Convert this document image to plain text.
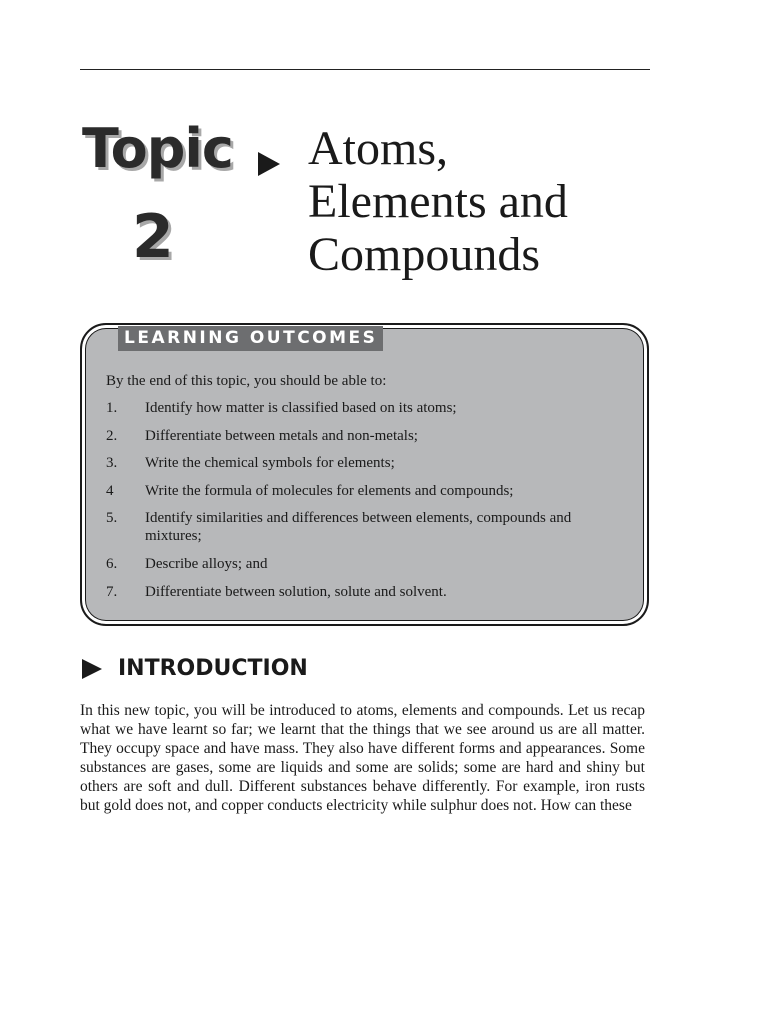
Topic
2
Atoms,
Elements and
Compounds
LEARNING OUTCOMES
By the end of this topic, you should be able to:
1. Identify how matter is classified based on its atoms;
2. Differentiate between metals and non-metals;
3. Write the chemical symbols for elements;
4 Write the formula of molecules for elements and compounds;
5. Identify similarities and differences between elements, compounds and mixtures;
6. Describe alloys; and
7. Differentiate between solution, solute and solvent.
INTRODUCTION

In this new topic, you will be introduced to atoms, elements and compounds. Let us recap what we have learnt so far; we learnt that the things that we see around us are all matter. They occupy space and have mass. They also have different forms and appearances. Some substances are gases, some are liquids and some are solids; some are hard and shiny but others are soft and dull. Different substances behave differently. For example, iron rusts but gold does not, and copper conducts electricity while sulphur does not. How can these
